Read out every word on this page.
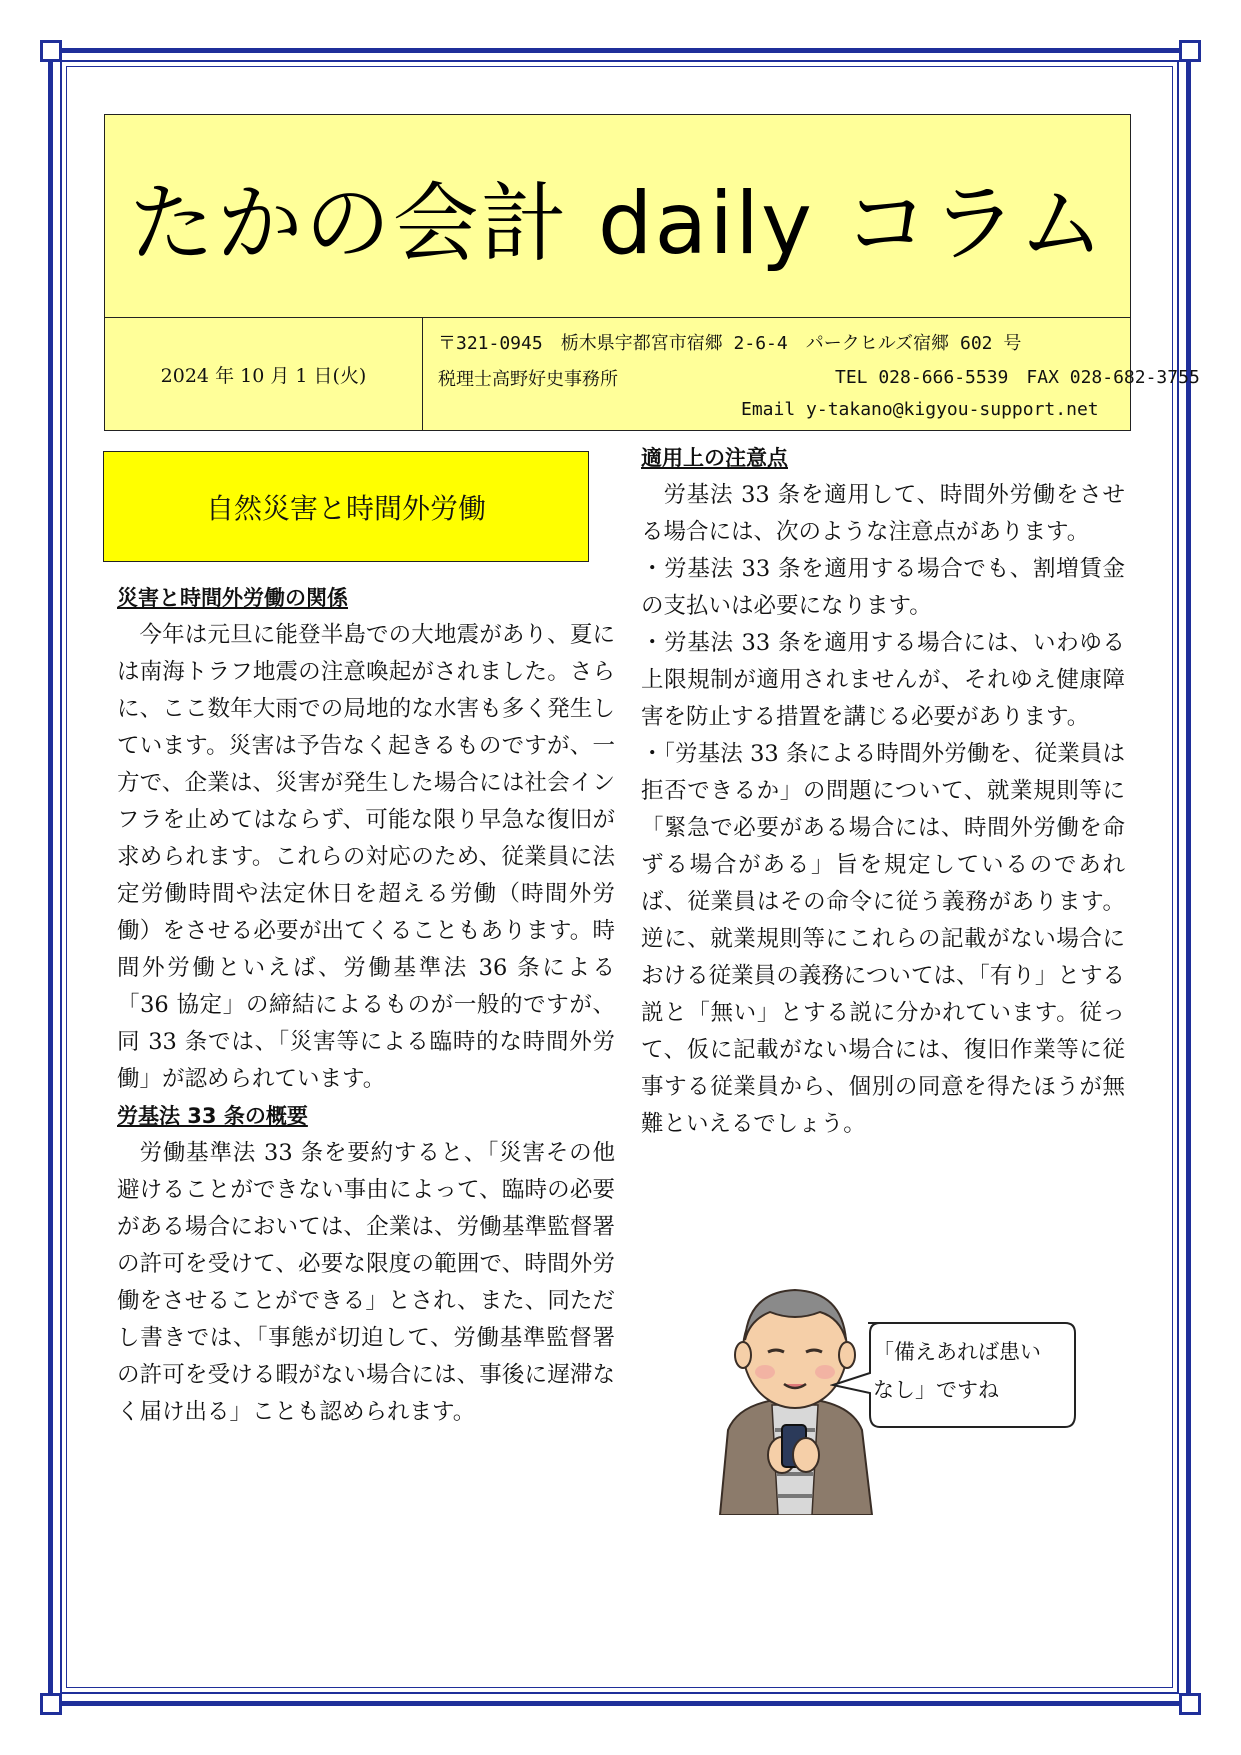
たかの会計 daily コラム
2024 年 10 月 1 日(火)
〒321-0945　栃木県宇都宮市宿郷 2-6-4　パークヒルズ宿郷 602 号
税理士高野好史事務所	TEL 028-666-5539　FAX 028-682-3755
Email y-takano@kigyou-support.net
自然災害と時間外労働
災害と時間外労働の関係

今年は元旦に能登半島での大地震があり、夏には南海トラフ地震の注意喚起がされました。さらに、ここ数年大雨での局地的な水害も多く発生しています。災害は予告なく起きるものですが、一方で、企業は、災害が発生した場合には社会インフラを止めてはならず、可能な限り早急な復旧が求められます。これらの対応のため、従業員に法定労働時間や法定休日を超える労働（時間外労働）をさせる必要が出てくることもあります。時間外労働といえば、労働基準法 36 条による「36 協定」の締結によるものが一般的ですが、同 33 条では、「災害等による臨時的な時間外労働」が認められています。

労基法 33 条の概要

労働基準法 33 条を要約すると、「災害その他避けることができない事由によって、臨時の必要がある場合においては、企業は、労働基準監督署の許可を受けて、必要な限度の範囲で、時間外労働をさせることができる」とされ、また、同ただし書きでは、「事態が切迫して、労働基準監督署の許可を受ける暇がない場合には、事後に遅滞なく届け出る」ことも認められます。

適用上の注意点

労基法 33 条を適用して、時間外労働をさせる場合には、次のような注意点があります。

・労基法 33 条を適用する場合でも、割増賃金の支払いは必要になります。

・労基法 33 条を適用する場合には、いわゆる上限規制が適用されませんが、それゆえ健康障害を防止する措置を講じる必要があります。

・「労基法 33 条による時間外労働を、従業員は拒否できるか」の問題について、就業規則等に「緊急で必要がある場合には、時間外労働を命ずる場合がある」旨を規定しているのであれば、従業員はその命令に従う義務があります。逆に、就業規則等にこれらの記載がない場合における従業員の義務については、「有り」とする説と「無い」とする説に分かれています。従って、仮に記載がない場合には、復旧作業等に従事する従業員から、個別の同意を得たほうが無難といえるでしょう。

「備えあれば患い
なし」ですね
